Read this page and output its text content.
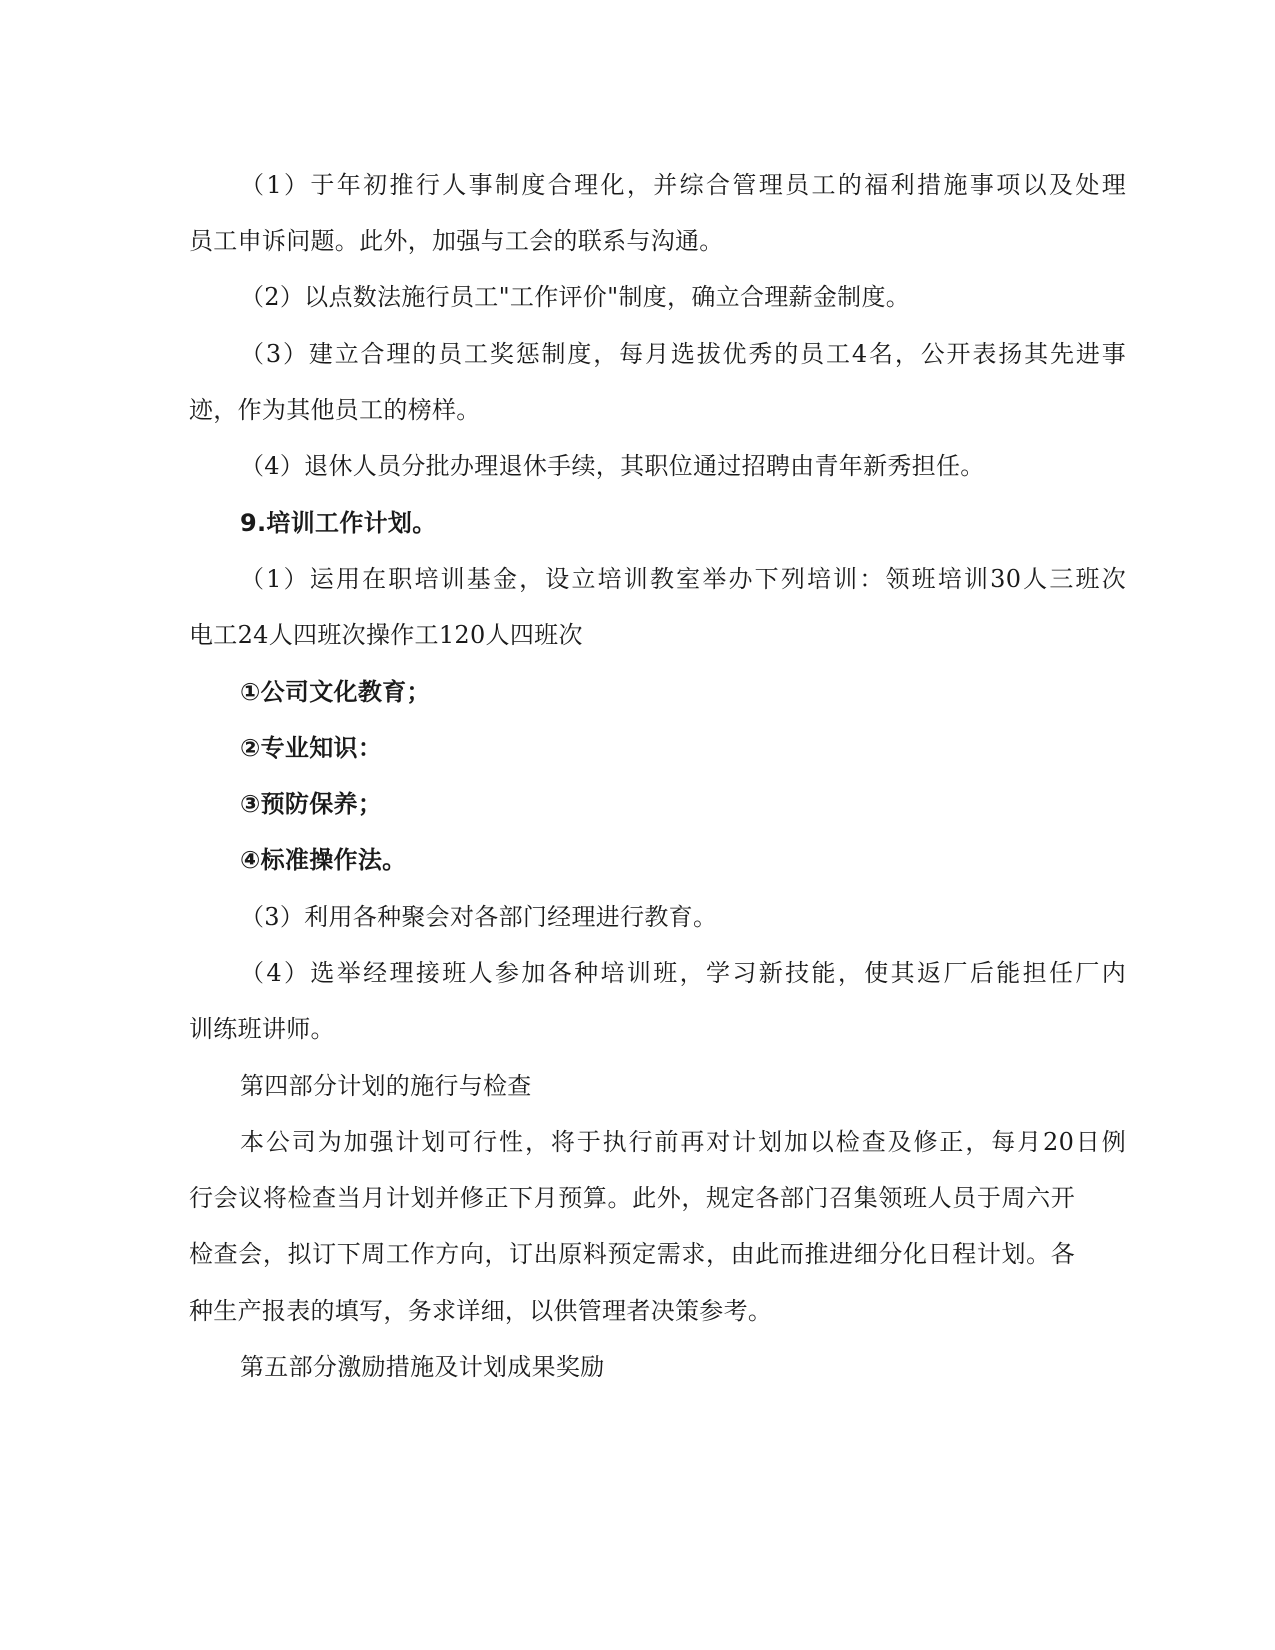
（1）于年初推行人事制度合理化，并综合管理员工的福利措施事项以及处理
员工申诉问题。此外，加强与工会的联系与沟通。
（2）以点数法施行员工"工作评价"制度，确立合理薪金制度。
（3）建立合理的员工奖惩制度，每月选拔优秀的员工4名，公开表扬其先进事
迹，作为其他员工的榜样。
（4）退休人员分批办理退休手续，其职位通过招聘由青年新秀担任。
9.培训工作计划。
（1）运用在职培训基金，设立培训教室举办下列培训：领班培训30人三班次
电工24人四班次操作工120人四班次
①公司文化教育；
②专业知识：
③预防保养；
④标准操作法。
（3）利用各种聚会对各部门经理进行教育。
（4）选举经理接班人参加各种培训班，学习新技能，使其返厂后能担任厂内
训练班讲师。
第四部分计划的施行与检查
本公司为加强计划可行性，将于执行前再对计划加以检查及修正，每月20日例
行会议将检查当月计划并修正下月预算。此外，规定各部门召集领班人员于周六开
检查会，拟订下周工作方向，订出原料预定需求，由此而推进细分化日程计划。各
种生产报表的填写，务求详细，以供管理者决策参考。
第五部分激励措施及计划成果奖励
